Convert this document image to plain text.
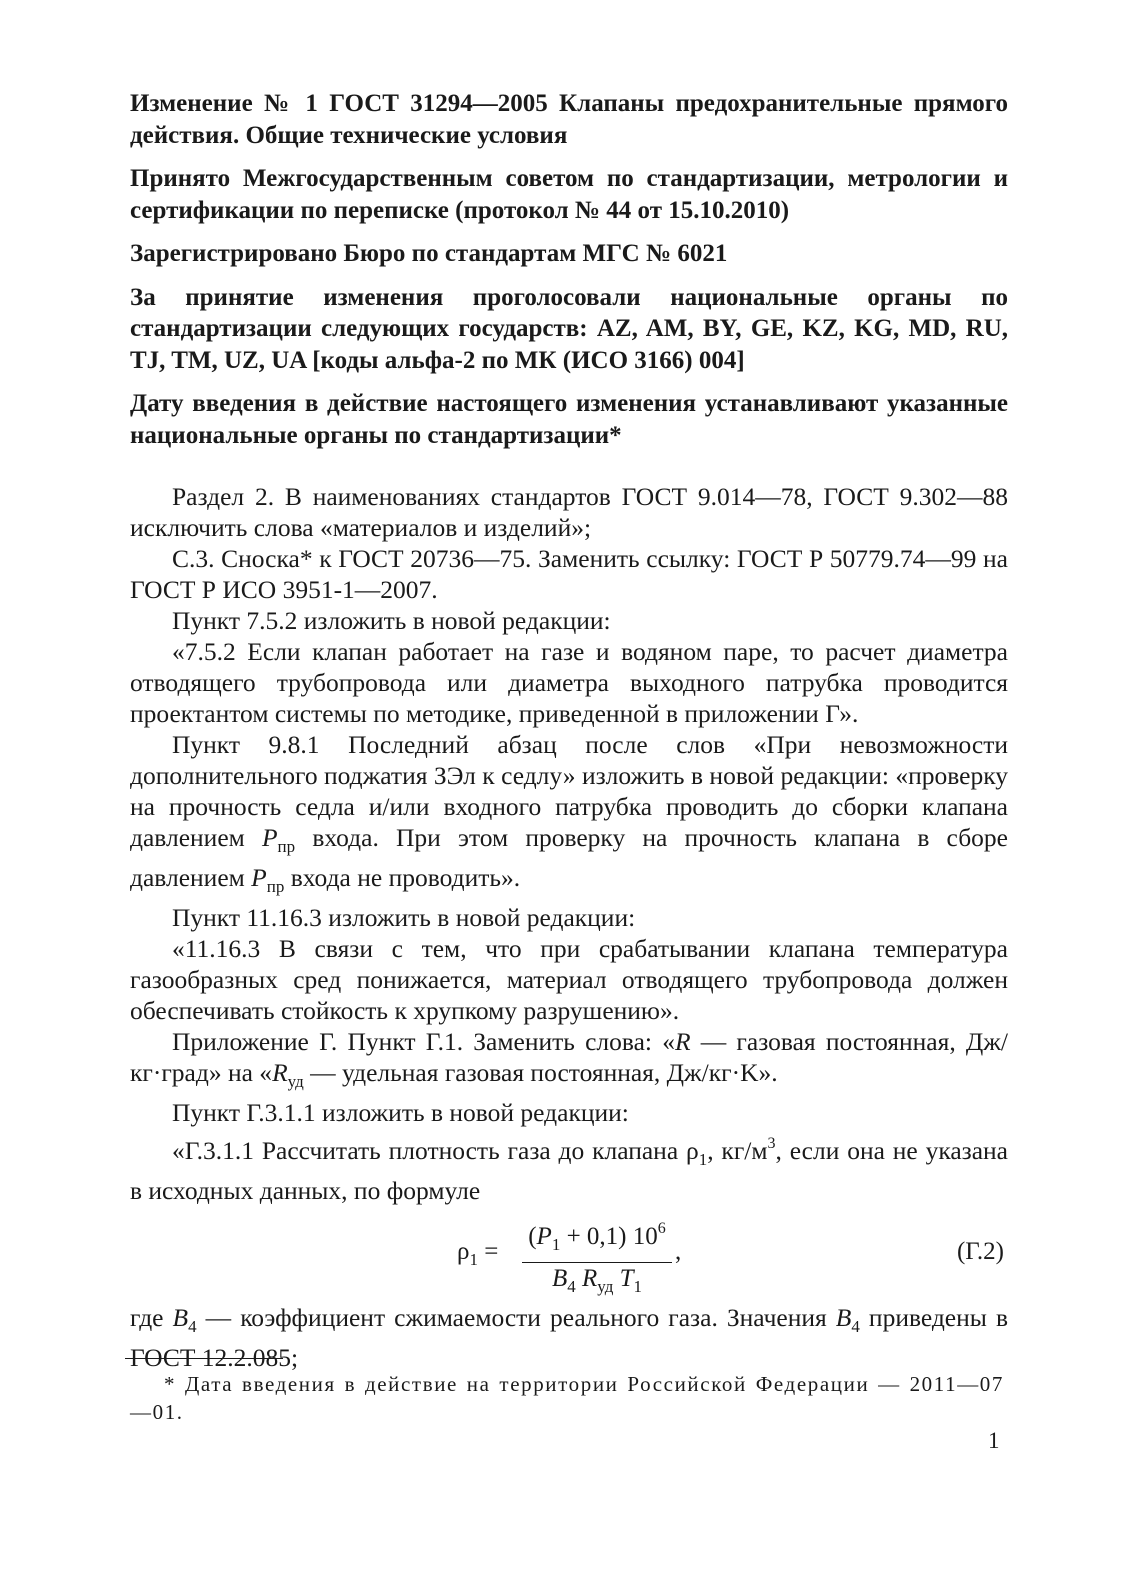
Изменение № 1 ГОСТ 31294—2005 Клапаны предохранительные прямого действия. Общие технические условия
Принято Межгосударственным советом по стандартизации, метрологии и сертификации по переписке (протокол № 44 от 15.10.2010)
Зарегистрировано Бюро по стандартам МГС № 6021
За принятие изменения проголосовали национальные органы по стандартизации следующих государств: AZ, AM, BY, GE, KZ, KG, MD, RU, TJ, TM, UZ, UA [коды альфа-2 по МК (ИСО 3166) 004]
Дату введения в действие настоящего изменения устанавливают указанные национальные органы по стандартизации*

Раздел 2. В наименованиях стандартов ГОСТ 9.014—78, ГОСТ 9.302—88 исключить слова «материалов и изделий»;

С.3. Сноска* к ГОСТ 20736—75. Заменить ссылку: ГОСТ Р 50779.74—99 на ГОСТ Р ИСО 3951-1—2007.

Пункт 7.5.2 изложить в новой редакции:

«7.5.2 Если клапан работает на газе и водяном паре, то расчет диаметра отводящего трубопровода или диаметра выходного патрубка проводится проектантом системы по методике, приведенной в приложении Г».

Пункт 9.8.1 Последний абзац после слов «При невозможности дополнительного поджатия ЗЭл к седлу» изложить в новой редакции: «проверку на прочность седла и/или входного патрубка проводить до сборки клапана давлением $P_{пр}$ входа. При этом проверку на прочность клапана в сборе давлением $P_{пр}$ входа не проводить».

Пункт 11.16.3 изложить в новой редакции:

«11.16.3 В связи с тем, что при срабатывании клапана температура газообразных сред понижается, материал отводящего трубопровода должен обеспечивать стойкость к хрупкому разрушению».

Приложение Г. Пункт Г.1. Заменить слова: «R — газовая постоянная, Дж/кг·град» на «$R_{уд}$ — удельная газовая постоянная, Дж/кг·K».

Пункт Г.3.1.1 изложить в новой редакции:

«Г.3.1.1 Рассчитать плотность газа до клапана $\rho_1$, $кг/м^3$, если она не указана в исходных данных, по формуле

$\rho_1$ =
$(P_1 + 0,1)$ $10^6$
$B_4$ $R_{уд}$ $T_1$
,	(Г.2)

где $B_4$ — коэффициент сжимаемости реального газа. Значения $B_4$ приведены в ГОСТ 12.2.085;

* Дата введения в действие на территории Российской Федерации — 2011—07—01.
1
